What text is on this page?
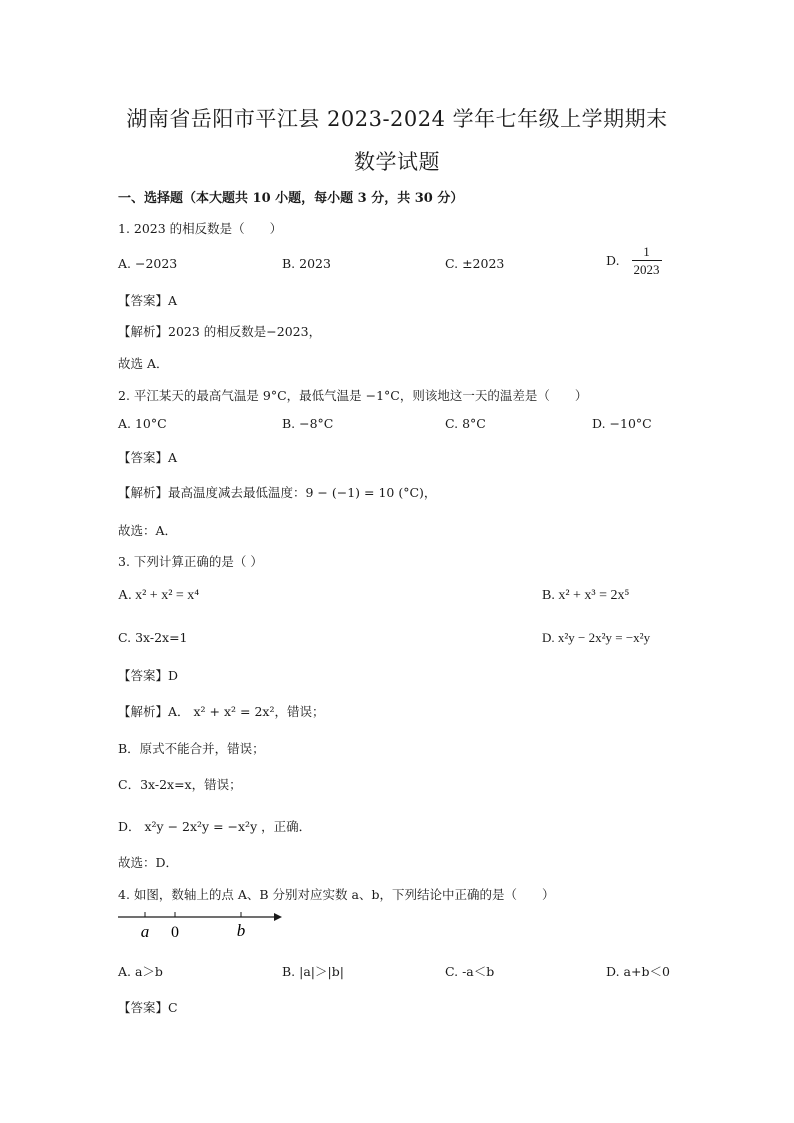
湖南省岳阳市平江县 2023-2024 学年七年级上学期期末
数学试题
一、选择题（本大题共 10 小题，每小题 3 分，共 30 分）
1. 2023 的相反数是（　　）
A. −2023	B. 2023	C. ±2023	D. $\frac{1}{2023}$
【答案】A
【解析】2023 的相反数是−2023，
故选 A．
2. 平江某天的最高气温是 9°C，最低气温是 −1°C，则该地这一天的温差是（　　）
A. 10°C	B. −8°C	C. 8°C	D. −10°C
【答案】A
【解析】最高温度减去最低温度：9 − (−1) = 10 (°C)，
故选：A．
3. 下列计算正确的是（ ）
A. x² + x² = x⁴	B. x² + x³ = 2x⁵
C. 3x-2x=1	D. x²y − 2x²y = −x²y
【答案】D
【解析】A． x² + x² = 2x²，错误；
B．原式不能合并，错误；
C．3x-2x=x，错误；
D． x²y − 2x²y = −x²y ，正确．
故选：D．
4. 如图，数轴上的点 A、B 分别对应实数 a、b，下列结论中正确的是（　　）
a 0	b
A. a＞b	B. |a|＞|b|	C. -a＜b	D. a+b＜0
【答案】C
